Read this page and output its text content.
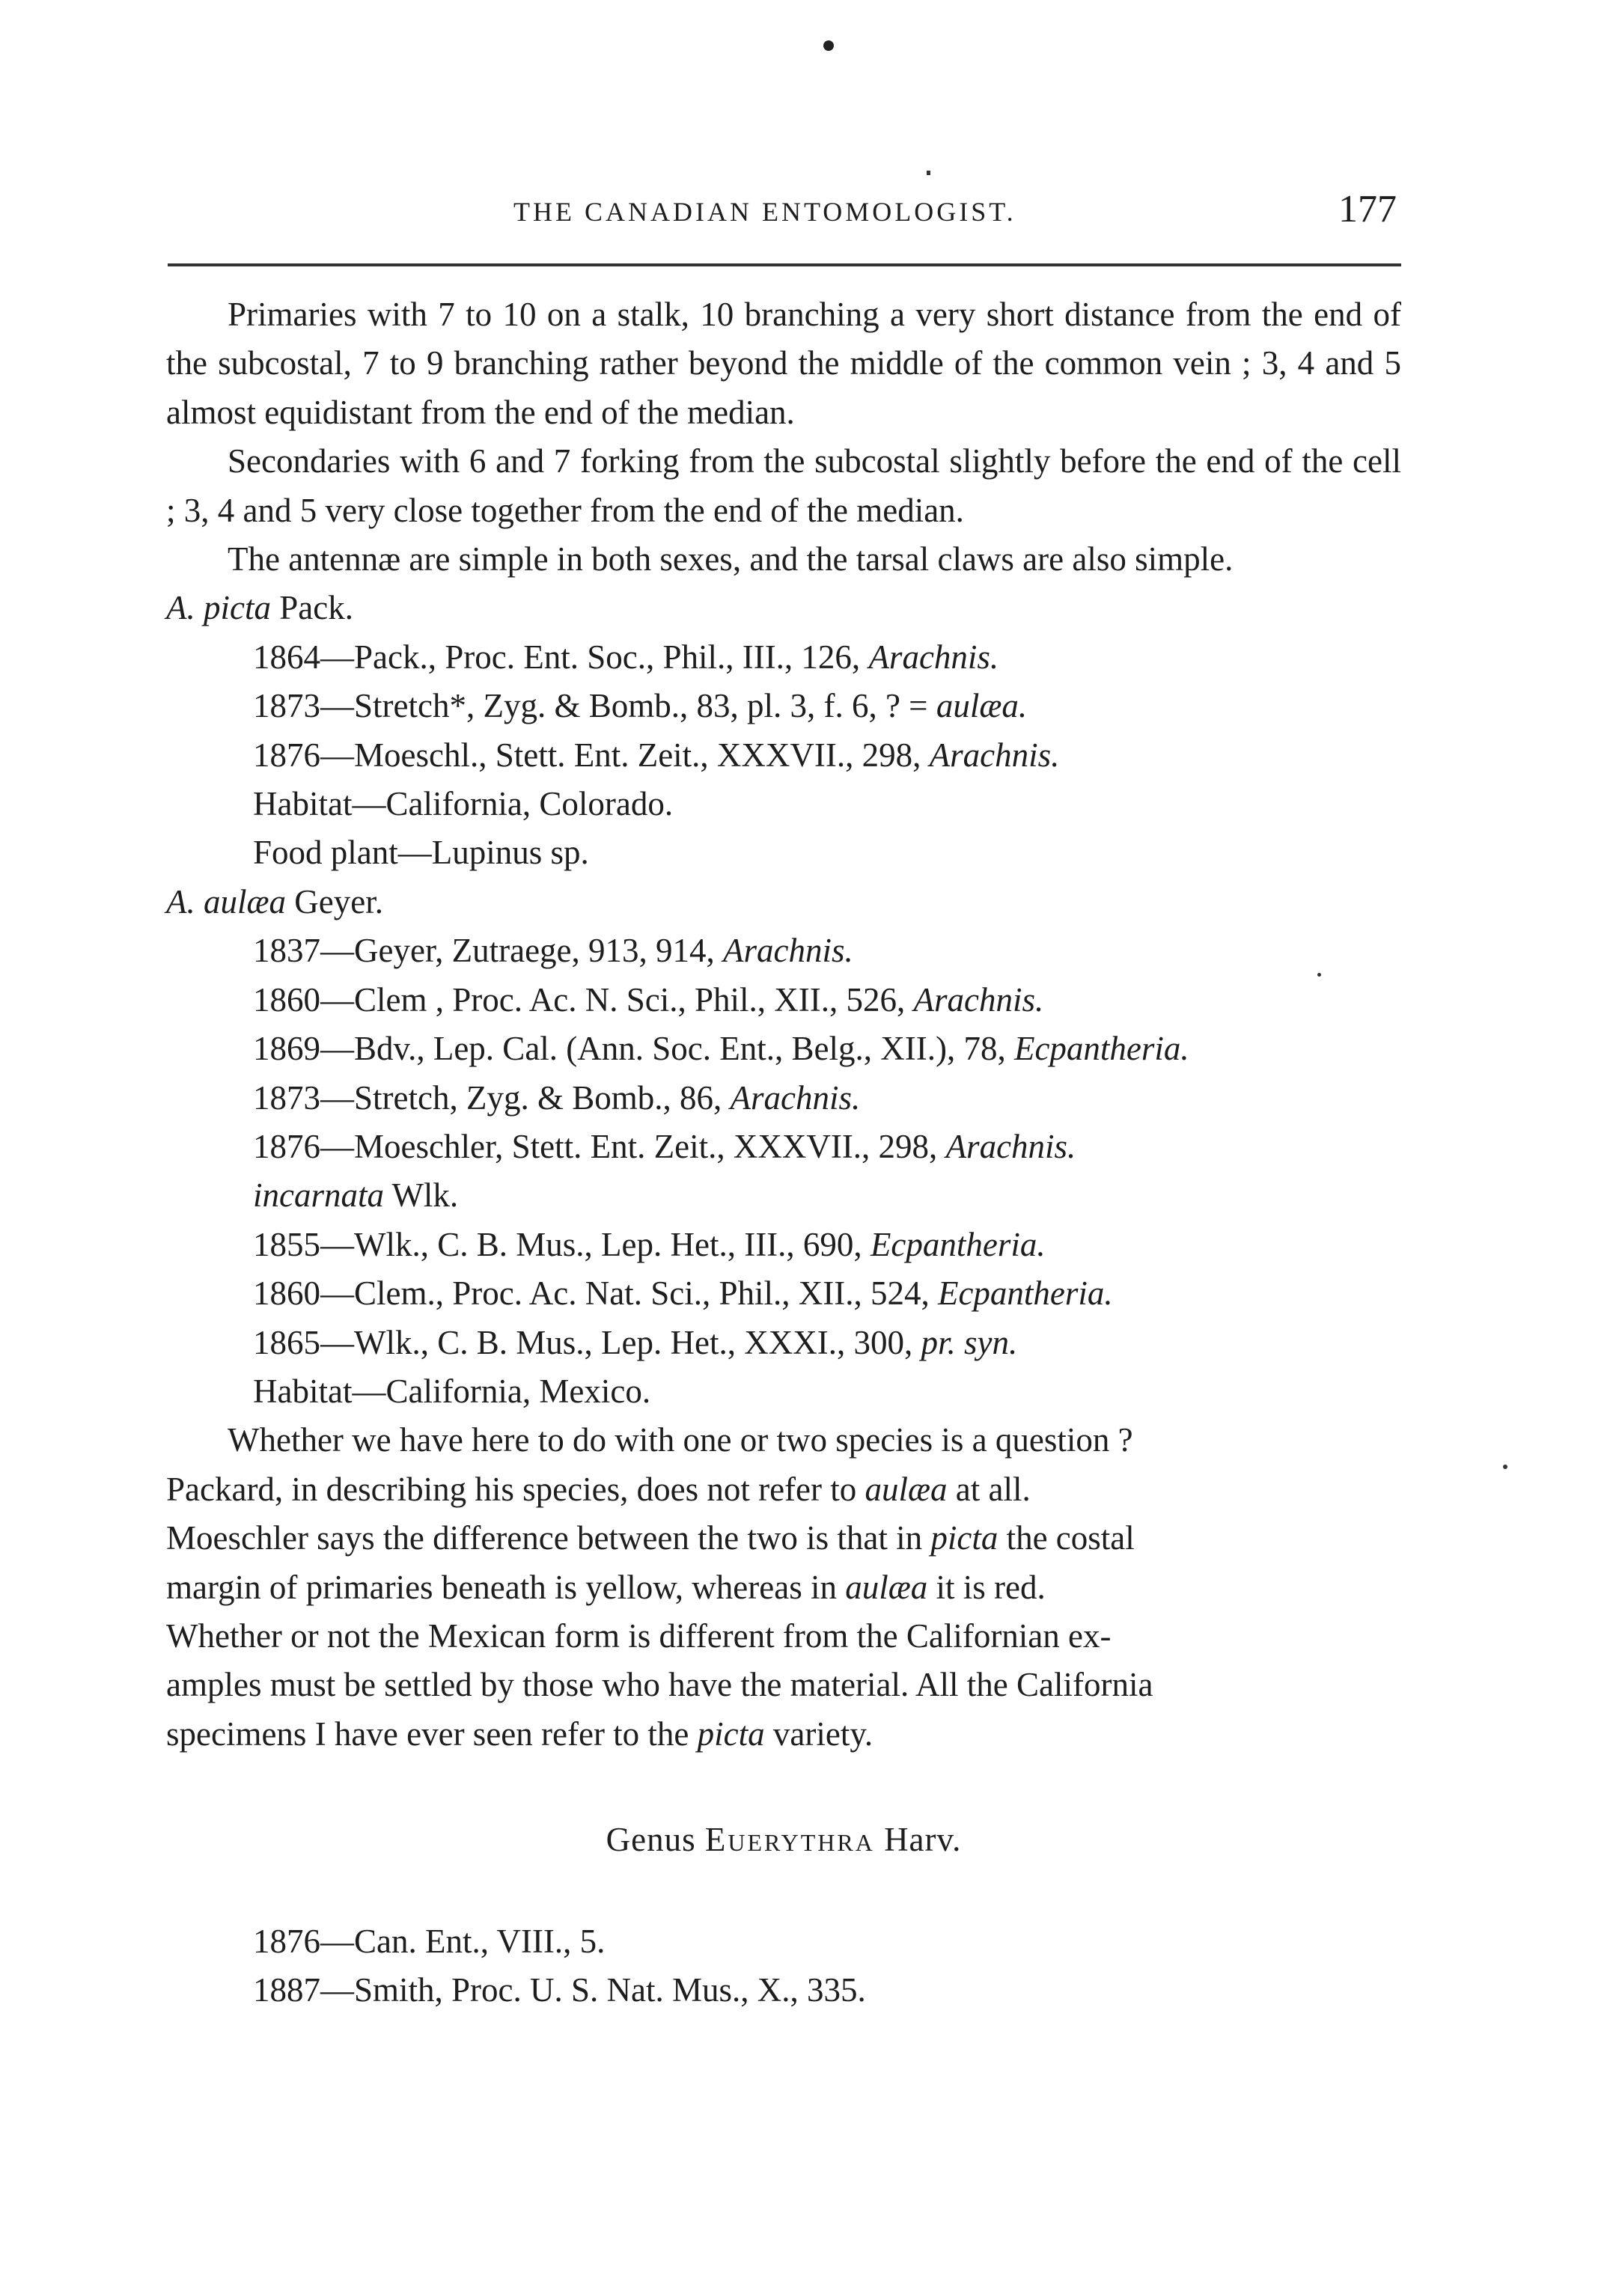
THE CANADIAN ENTOMOLOGIST.	177

Primaries with 7 to 10 on a stalk, 10 branching a very short distance from the end of the subcostal, 7 to 9 branching rather beyond the middle of the common vein ; 3, 4 and 5 almost equidistant from the end of the median.

Secondaries with 6 and 7 forking from the subcostal slightly before the end of the cell ; 3, 4 and 5 very close together from the end of the median.

The antennæ are simple in both sexes, and the tarsal claws are also simple.

A. picta Pack.

1864—Pack., Proc. Ent. Soc., Phil., III., 126, Arachnis.

1873—Stretch*, Zyg. & Bomb., 83, pl. 3, f. 6, ? = aulæa.

1876—Moeschl., Stett. Ent. Zeit., XXXVII., 298, Arachnis.

Habitat—California, Colorado.

Food plant—Lupinus sp.

A. aulæa Geyer.

1837—Geyer, Zutraege, 913, 914, Arachnis.

1860—Clem , Proc. Ac. N. Sci., Phil., XII., 526, Arachnis.

1869—Bdv., Lep. Cal. (Ann. Soc. Ent., Belg., XII.), 78, Ecpantheria.

1873—Stretch, Zyg. & Bomb., 86, Arachnis.

1876—Moeschler, Stett. Ent. Zeit., XXXVII., 298, Arachnis.

incarnata Wlk.

1855—Wlk., C. B. Mus., Lep. Het., III., 690, Ecpantheria.

1860—Clem., Proc. Ac. Nat. Sci., Phil., XII., 524, Ecpantheria.

1865—Wlk., C. B. Mus., Lep. Het., XXXI., 300, pr. syn.

Habitat—California, Mexico.

Whether we have here to do with one or two species is a question ?
Packard, in describing his species, does not refer to aulæa at all.
Moeschler says the difference between the two is that in picta the costal
margin of primaries beneath is yellow, whereas in aulæa it is red.
Whether or not the Mexican form is different from the Californian ex-
amples must be settled by those who have the material. All the California
specimens I have ever seen refer to the picta variety.

Genus Euerythra Harv.

1876—Can. Ent., VIII., 5.

1887—Smith, Proc. U. S. Nat. Mus., X., 335.
